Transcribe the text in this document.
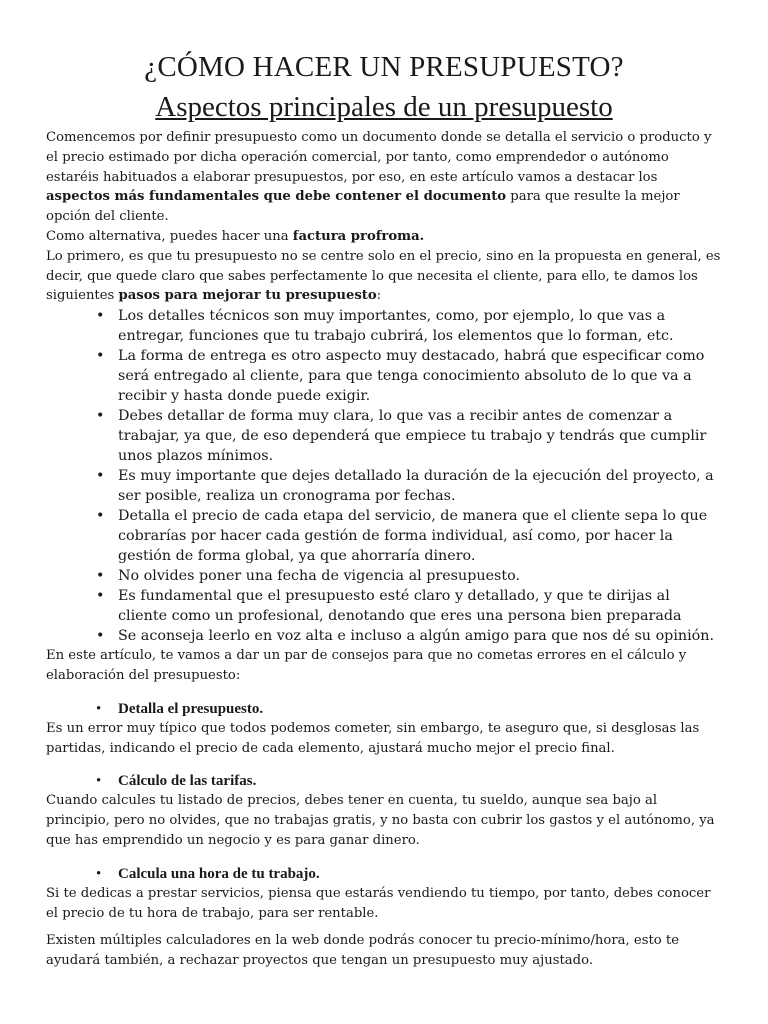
¿CÓMO HACER UN PRESUPUESTO?
Aspectos principales de un presupuesto

Comencemos por definir presupuesto como un documento donde se detalla el servicio o producto y el precio estimado por dicha operación comercial, por tanto, como emprendedor o autónomo estaréis habituados a elaborar presupuestos, por eso, en este artículo vamos a destacar los aspectos más fundamentales que debe contener el documento para que resulte la mejor opción del cliente.

Como alternativa, puedes hacer una factura profroma.

Lo primero, es que tu presupuesto no se centre solo en el precio, sino en la propuesta en general, es decir, que quede claro que sabes perfectamente lo que necesita el cliente, para ello, te damos los siguientes pasos para mejorar tu presupuesto:

• Los detalles técnicos son muy importantes, como, por ejemplo, lo que vas a entregar, funciones que tu trabajo cubrirá, los elementos que lo forman, etc.
• La forma de entrega es otro aspecto muy destacado, habrá que especificar como será entregado al cliente, para que tenga conocimiento absoluto de lo que va a recibir y hasta donde puede exigir.
• Debes detallar de forma muy clara, lo que vas a recibir antes de comenzar a trabajar, ya que, de eso dependerá que empiece tu trabajo y tendrás que cumplir unos plazos mínimos.
• Es muy importante que dejes detallado la duración de la ejecución del proyecto, a ser posible, realiza un cronograma por fechas.
• Detalla el precio de cada etapa del servicio, de manera que el cliente sepa lo que cobrarías por hacer cada gestión de forma individual, así como, por hacer la gestión de forma global, ya que ahorraría dinero.
• No olvides poner una fecha de vigencia al presupuesto.
• Es fundamental que el presupuesto esté claro y detallado, y que te dirijas al cliente como un profesional, denotando que eres una persona bien preparada
• Se aconseja leerlo en voz alta e incluso a algún amigo para que nos dé su opinión.

En este artículo, te vamos a dar un par de consejos para que no cometas errores en el cálculo y elaboración del presupuesto:

• Detalla el presupuesto.

Es un error muy típico que todos podemos cometer, sin embargo, te aseguro que, si desglosas las partidas, indicando el precio de cada elemento, ajustará mucho mejor el precio final.

• Cálculo de las tarifas.

Cuando calcules tu listado de precios, debes tener en cuenta, tu sueldo, aunque sea bajo al principio, pero no olvides, que no trabajas gratis, y no basta con cubrir los gastos y el autónomo, ya que has emprendido un negocio y es para ganar dinero.

• Calcula una hora de tu trabajo.

Si te dedicas a prestar servicios, piensa que estarás vendiendo tu tiempo, por tanto, debes conocer el precio de tu hora de trabajo, para ser rentable.

Existen múltiples calculadores en la web donde podrás conocer tu precio-mínimo/hora, esto te ayudará también, a rechazar proyectos que tengan un presupuesto muy ajustado.
